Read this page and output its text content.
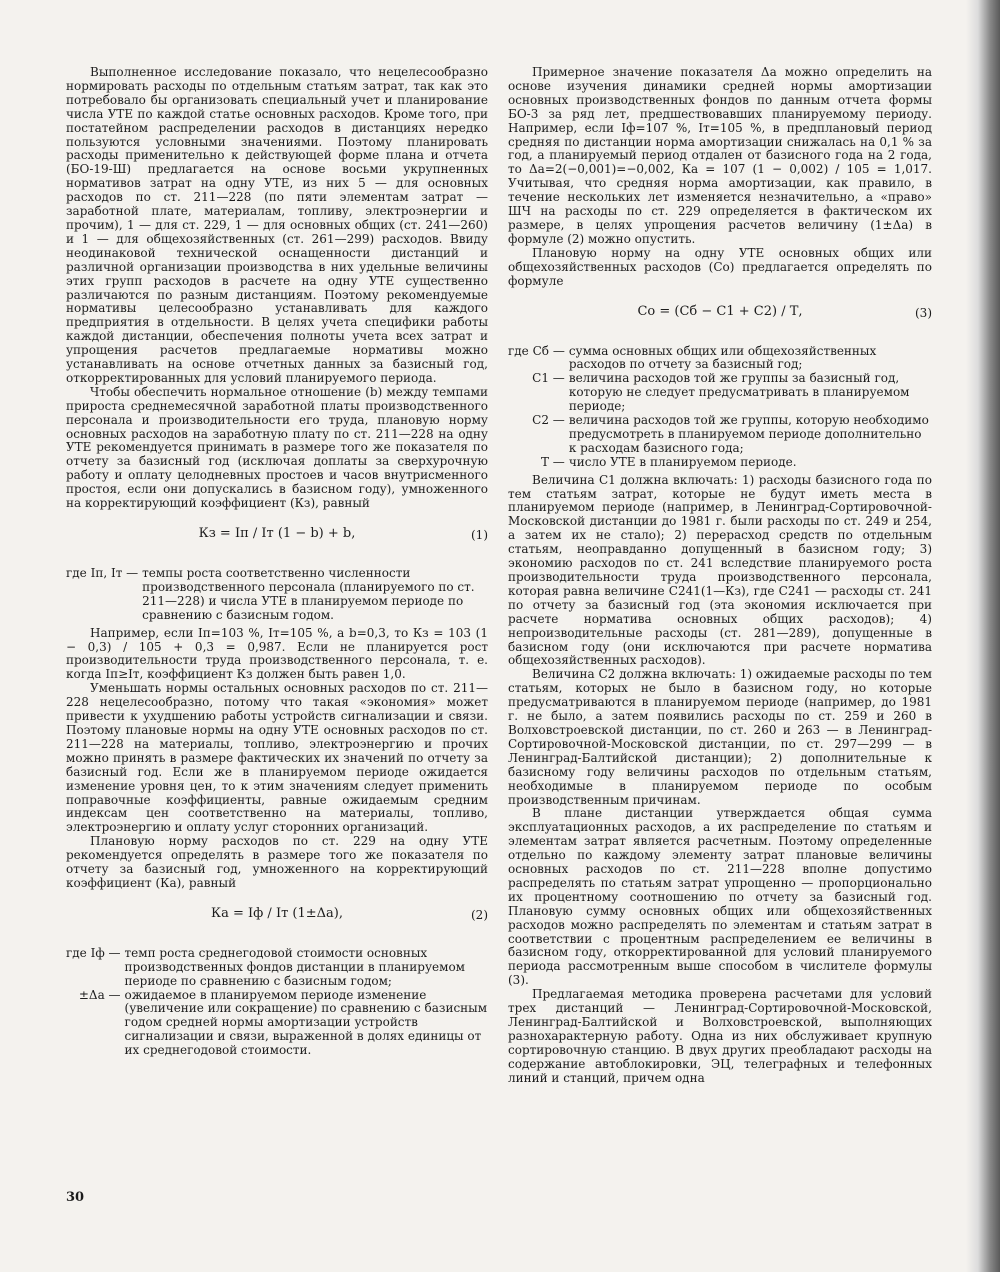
Выполненное исследование показало, что нецелесообразно нормировать расходы по отдельным статьям затрат, так как это потребовало бы организовать специальный учет и планирование числа УТЕ по каждой статье основных расходов. Кроме того, при постатейном распределении расходов в дистанциях нередко пользуются условными значениями. Поэтому планировать расходы применительно к действующей форме плана и отчета (БО-19-Ш) предлагается на основе восьми укрупненных нормативов затрат на одну УТЕ, из них 5 — для основных расходов по ст. 211—228 (по пяти элементам затрат — заработной плате, материалам, топливу, электроэнергии и прочим), 1 — для ст. 229, 1 — для основных общих (ст. 241—260) и 1 — для общехозяйственных (ст. 261—299) расходов. Ввиду неодинаковой технической оснащенности дистанций и различной организации производства в них удельные величины этих групп расходов в расчете на одну УТЕ существенно различаются по разным дистанциям. Поэтому рекомендуемые нормативы целесообразно устанавливать для каждого предприятия в отдельности. В целях учета специфики работы каждой дистанции, обеспечения полноты учета всех затрат и упрощения расчетов предлагаемые нормативы можно устанавливать на основе отчетных данных за базисный год, откорректированных для условий планируемого периода.

Чтобы обеспечить нормальное отношение (b) между темпами прироста среднемесячной заработной платы производственного персонала и производительности его труда, плановую норму основных расходов на заработную плату по ст. 211—228 на одну УТЕ рекомендуется принимать в размере того же показателя по отчету за базисный год (исключая доплаты за сверхурочную работу и оплату целодневных простоев и часов внутрисменного простоя, если они допускались в базисном году), умноженного на корректирующий коэффициент (Кз), равный

Кз = Iп / Iт (1 − b) + b,	(1)
где Iп, Iт — темпы роста соответственно численности производственного персонала (планируемого по ст. 211—228) и числа УТЕ в планируемом периоде по сравнению с базисным годом.

Например, если Iп=103 %, Iт=105 %, а b=0,3, то Кз = 103 (1 − 0,3) / 105 + 0,3 = 0,987. Если не планируется рост производительности труда производственного персонала, т. е. когда Iп≥Iт, коэффициент Кз должен быть равен 1,0.

Уменьшать нормы остальных основных расходов по ст. 211—228 нецелесообразно, потому что такая «экономия» может привести к ухудшению работы устройств сигнализации и связи. Поэтому плановые нормы на одну УТЕ основных расходов по ст. 211—228 на материалы, топливо, электроэнергию и прочих можно принять в размере фактических их значений по отчету за базисный год. Если же в планируемом периоде ожидается изменение уровня цен, то к этим значениям следует применить поправочные коэффициенты, равные ожидаемым средним индексам цен соответственно на материалы, топливо, электроэнергию и оплату услуг сторонних организаций.

Плановую норму расходов по ст. 229 на одну УТЕ рекомендуется определять в размере того же показателя по отчету за базисный год, умноженного на корректирующий коэффициент (Ка), равный

Ка = Iф / Iт (1±Δa),	(2)
где Iф — темп роста среднегодовой стоимости основных производственных фондов дистанции в планируемом периоде по сравнению с базисным годом;
±Δa — ожидаемое в планируемом периоде изменение (увеличение или сокращение) по сравнению с базисным годом средней нормы амортизации устройств сигнализации и связи, выраженной в долях единицы от их среднегодовой стоимости.

Примерное значение показателя Δa можно определить на основе изучения динамики средней нормы амортизации основных производственных фондов по данным отчета формы БО-3 за ряд лет, предшествовавших планируемому периоду. Например, если Iф=107 %, Iт=105 %, в предплановый период средняя по дистанции норма амортизации снижалась на 0,1 % за год, а планируемый период отдален от базисного года на 2 года, то Δa=2(−0,001)=−0,002, Ка = 107 (1 − 0,002) / 105 = 1,017. Учитывая, что средняя норма амортизации, как правило, в течение нескольких лет изменяется незначительно, а «право» ШЧ на расходы по ст. 229 определяется в фактическом их размере, в целях упрощения расчетов величину (1±Δa) в формуле (2) можно опустить.

Плановую норму на одну УТЕ основных общих или общехозяйственных расходов (Со) предлагается определять по формуле

Со = (Сб − С1 + С2) / Т,	(3)
где Сб — сумма основных общих или общехозяйственных расходов по отчету за базисный год;
С1 — величина расходов той же группы за базисный год, которую не следует предусматривать в планируемом периоде;
С2 — величина расходов той же группы, которую необходимо предусмотреть в планируемом периоде дополнительно к расходам базисного года;
Т — число УТЕ в планируемом периоде.

Величина С1 должна включать: 1) расходы базисного года по тем статьям затрат, которые не будут иметь места в планируемом периоде (например, в Ленинград-Сортировочной-Московской дистанции до 1981 г. были расходы по ст. 249 и 254, а затем их не стало); 2) перерасход средств по отдельным статьям, неоправданно допущенный в базисном году; 3) экономию расходов по ст. 241 вследствие планируемого роста производительности труда производственного персонала, которая равна величине С241(1—Кз), где С241 — расходы ст. 241 по отчету за базисный год (эта экономия исключается при расчете норматива основных общих расходов); 4) непроизводительные расходы (ст. 281—289), допущенные в базисном году (они исключаются при расчете норматива общехозяйственных расходов).

Величина С2 должна включать: 1) ожидаемые расходы по тем статьям, которых не было в базисном году, но которые предусматриваются в планируемом периоде (например, до 1981 г. не было, а затем появились расходы по ст. 259 и 260 в Волховстроевской дистанции, по ст. 260 и 263 — в Ленинград-Сортировочной-Московской дистанции, по ст. 297—299 — в Ленинград-Балтийской дистанции); 2) дополнительные к базисному году величины расходов по отдельным статьям, необходимые в планируемом периоде по особым производственным причинам.

В плане дистанции утверждается общая сумма эксплуатационных расходов, а их распределение по статьям и элементам затрат является расчетным. Поэтому определенные отдельно по каждому элементу затрат плановые величины основных расходов по ст. 211—228 вполне допустимо распределять по статьям затрат упрощенно — пропорционально их процентному соотношению по отчету за базисный год. Плановую сумму основных общих или общехозяйственных расходов можно распределять по элементам и статьям затрат в соответствии с процентным распределением ее величины в базисном году, откорректированной для условий планируемого периода рассмотренным выше способом в числителе формулы (3).

Предлагаемая методика проверена расчетами для условий трех дистанций — Ленинград-Сортировочной-Московской, Ленинград-Балтийской и Волховстроевской, выполняющих разнохарактерную работу. Одна из них обслуживает крупную сортировочную станцию. В двух других преобладают расходы на содержание автоблокировки, ЭЦ, телеграфных и телефонных линий и станций, причем одна

30
